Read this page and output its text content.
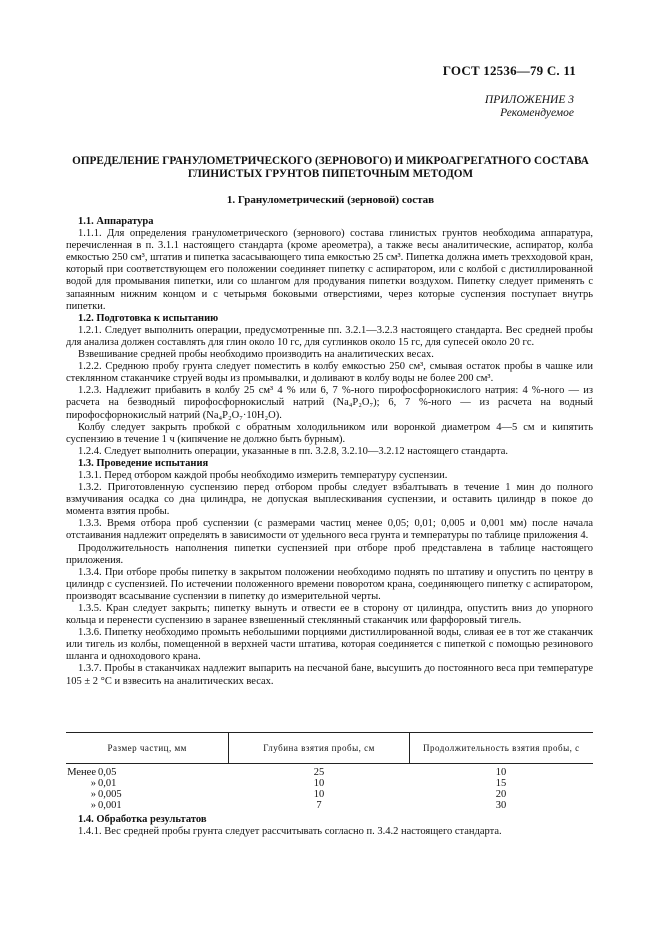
ГОСТ 12536—79 С. 11
ПРИЛОЖЕНИЕ 3
Рекомендуемое
ОПРЕДЕЛЕНИЕ ГРАНУЛОМЕТРИЧЕСКОГО (ЗЕРНОВОГО) И МИКРОАГРЕГАТНОГО СОСТАВА ГЛИНИСТЫХ ГРУНТОВ ПИПЕТОЧНЫМ МЕТОДОМ
1. Гранулометрический (зерновой) состав

1.1. Аппаратура

1.1.1. Для определения гранулометрического (зернового) состава глинистых грунтов необходима аппаратура, перечисленная в п. 3.1.1 настоящего стандарта (кроме ареометра), а также весы аналитические, аспиратор, колба емкостью 250 см³, штатив и пипетка засасывающего типа емкостью 25 см³. Пипетка должна иметь трехходовой кран, который при соответствующем его положении соединяет пипетку с аспиратором, или с колбой с дистиллированной водой для промывания пипетки, или со шлангом для продувания пипетки воздухом. Пипетку следует применять с запаянным нижним концом и с четырьмя боковыми отверстиями, через которые суспензия поступает внутрь пипетки.

1.2. Подготовка к испытанию

1.2.1. Следует выполнить операции, предусмотренные пп. 3.2.1—3.2.3 настоящего стандарта. Вес средней пробы для анализа должен составлять для глин около 10 гс, для суглинков около 15 гс, для супесей около 20 гс.

Взвешивание средней пробы необходимо производить на аналитических весах.

1.2.2. Среднюю пробу грунта следует поместить в колбу емкостью 250 см³, смывая остаток пробы в чашке или стеклянном стаканчике струей воды из промывалки, и доливают в колбу воды не более 200 см³.

1.2.3. Надлежит прибавить в колбу 25 см³ 4 % или 6, 7 %-ного пирофосфорнокислого натрия: 4 %-ного — из расчета на безводный пирофосфорнокислый натрий (Na₄P₂O₇); 6, 7 %-ного — из расчета на водный пирофосфорнокислый натрий (Na₄P₂O₇·10H₂O).

Колбу следует закрыть пробкой с обратным холодильником или воронкой диаметром 4—5 см и кипятить суспензию в течение 1 ч (кипячение не должно быть бурным).

1.2.4. Следует выполнить операции, указанные в пп. 3.2.8, 3.2.10—3.2.12 настоящего стандарта.

1.3. Проведение испытания

1.3.1. Перед отбором каждой пробы необходимо измерить температуру суспензии.

1.3.2. Приготовленную суспензию перед отбором пробы следует взбалтывать в течение 1 мин до полного взмучивания осадка со дна цилиндра, не допуская выплескивания суспензии, и оставить цилиндр в покое до момента взятия пробы.

1.3.3. Время отбора проб суспензии (с размерами частиц менее 0,05; 0,01; 0,005 и 0,001 мм) после начала отстаивания надлежит определять в зависимости от удельного веса грунта и температуры по таблице приложения 4.

Продолжительность наполнения пипетки суспензией при отборе проб представлена в таблице настоящего приложения.

1.3.4. При отборе пробы пипетку в закрытом положении необходимо поднять по штативу и опустить по центру в цилиндр с суспензией. По истечении положенного времени поворотом крана, соединяющего пипетку с аспиратором, производят всасывание суспензии в пипетку до измерительной черты.

1.3.5. Кран следует закрыть; пипетку вынуть и отвести ее в сторону от цилиндра, опустить вниз до упорного кольца и перенести суспензию в заранее взвешенный стеклянный стаканчик или фарфоровый тигель.

1.3.6. Пипетку необходимо промыть небольшими порциями дистиллированной воды, сливая ее в тот же стаканчик или тигель из колбы, помещенной в верхней части штатива, которая соединяется с пипеткой с помощью резинового шланга и одноходового крана.

1.3.7. Пробы в стаканчиках надлежит выпарить на песчаной бане, высушить до постоянного веса при температуре 105 ± 2 °С и взвесить на аналитических весах.

Размер частиц, мм	Глубина взятия пробы, см	Продолжительность взятия пробы, с
Менее 0,05	25	10
» 0,01	10	15
» 0,005	10	20
» 0,001	7	30

1.4. Обработка результатов

1.4.1. Вес средней пробы грунта следует рассчитывать согласно п. 3.4.2 настоящего стандарта.
